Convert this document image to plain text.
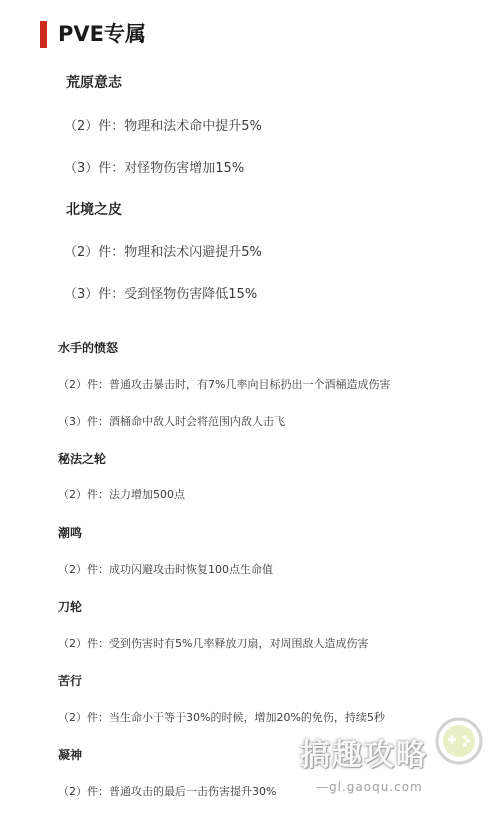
PVE专属
荒原意志
（2）件：物理和法术命中提升5%
（3）件：对怪物伤害增加15%
北境之皮
（2）件：物理和法术闪避提升5%
（3）件：受到怪物伤害降低15%
水手的愤怒
（2）件：普通攻击暴击时，有7%几率向目标扔出一个酒桶造成伤害
（3）件：酒桶命中敌人时会将范围内敌人击飞
秘法之轮
（2）件：法力增加500点
潮鸣
（2）件：成功闪避攻击时恢复100点生命值
刀轮
（2）件：受到伤害时有5%几率释放刀扇，对周围敌人造成伤害
苦行
（2）件：当生命小于等于30%的时候，增加20%的免伤，持续5秒
凝神
（2）件：普通攻击的最后一击伤害提升30%
搞趣攻略
—gl.gaoqu.com
